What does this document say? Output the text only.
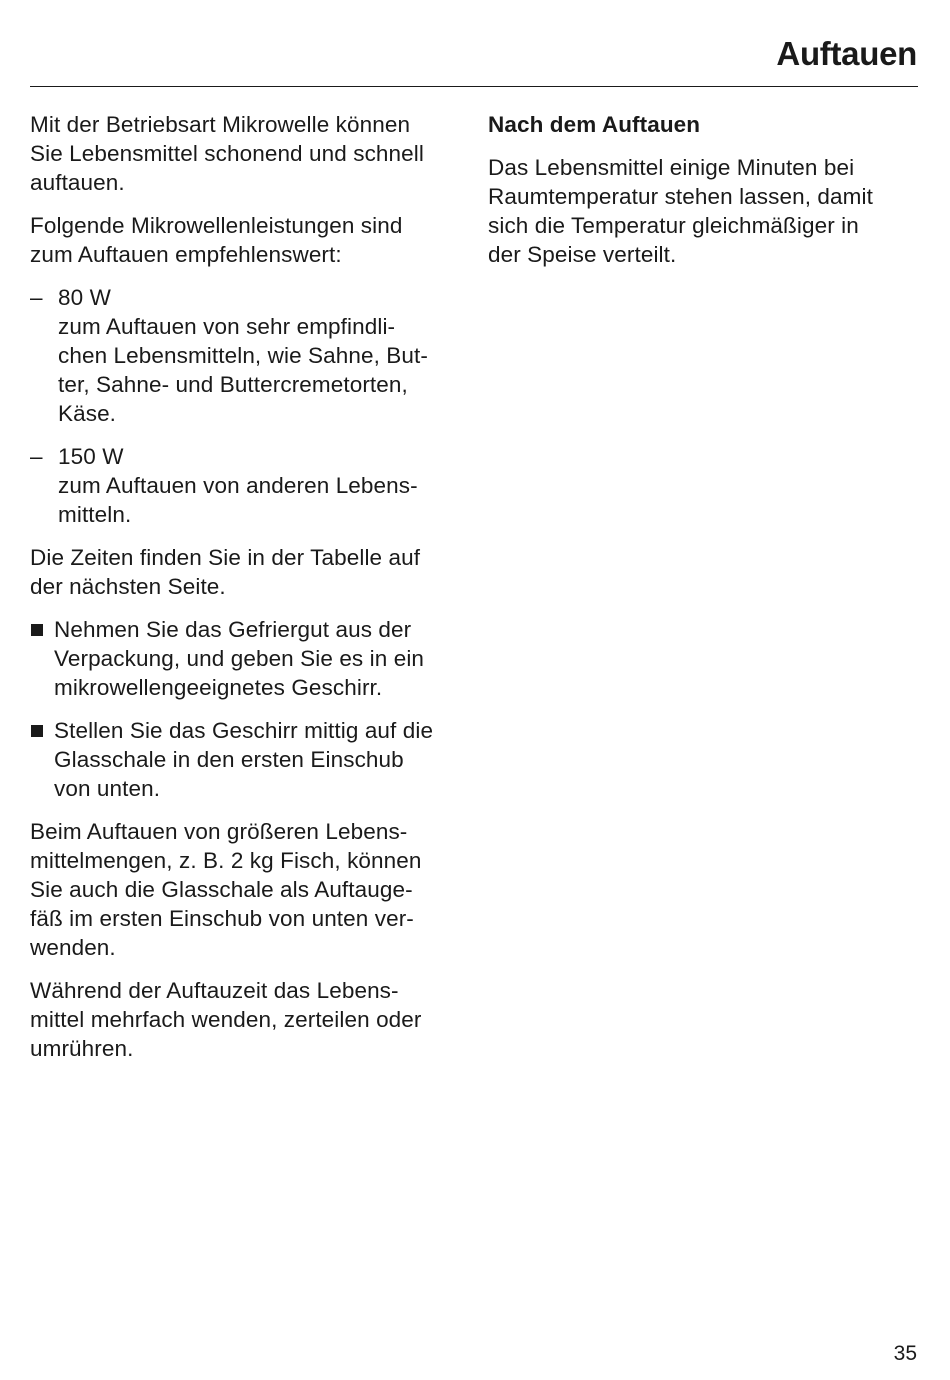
Auftauen

Mit der Betriebsart Mikrowelle können
Sie Lebensmittel schonend und schnell
auftauen.

Folgende Mikrowellenleistungen sind
zum Auftauen empfehlenswert:

– 80 W
zum Auftauen von sehr empfindli-
chen Lebensmitteln, wie Sahne, But-
ter, Sahne- und Buttercremetorten,
Käse.
– 150 W
zum Auftauen von anderen Lebens-
mitteln.

Die Zeiten finden Sie in der Tabelle auf
der nächsten Seite.

Nehmen Sie das Gefriergut aus der
Verpackung, und geben Sie es in ein
mikrowellengeeignetes Geschirr.
Stellen Sie das Geschirr mittig auf die
Glasschale in den ersten Einschub
von unten.

Beim Auftauen von größeren Lebens-
mittelmengen, z. B. 2 kg Fisch, können
Sie auch die Glasschale als Auftauge-
fäß im ersten Einschub von unten ver-
wenden.

Während der Auftauzeit das Lebens-
mittel mehrfach wenden, zerteilen oder
umrühren.

Nach dem Auftauen

Das Lebensmittel einige Minuten bei
Raumtemperatur stehen lassen, damit
sich die Temperatur gleichmäßiger in
der Speise verteilt.

35
